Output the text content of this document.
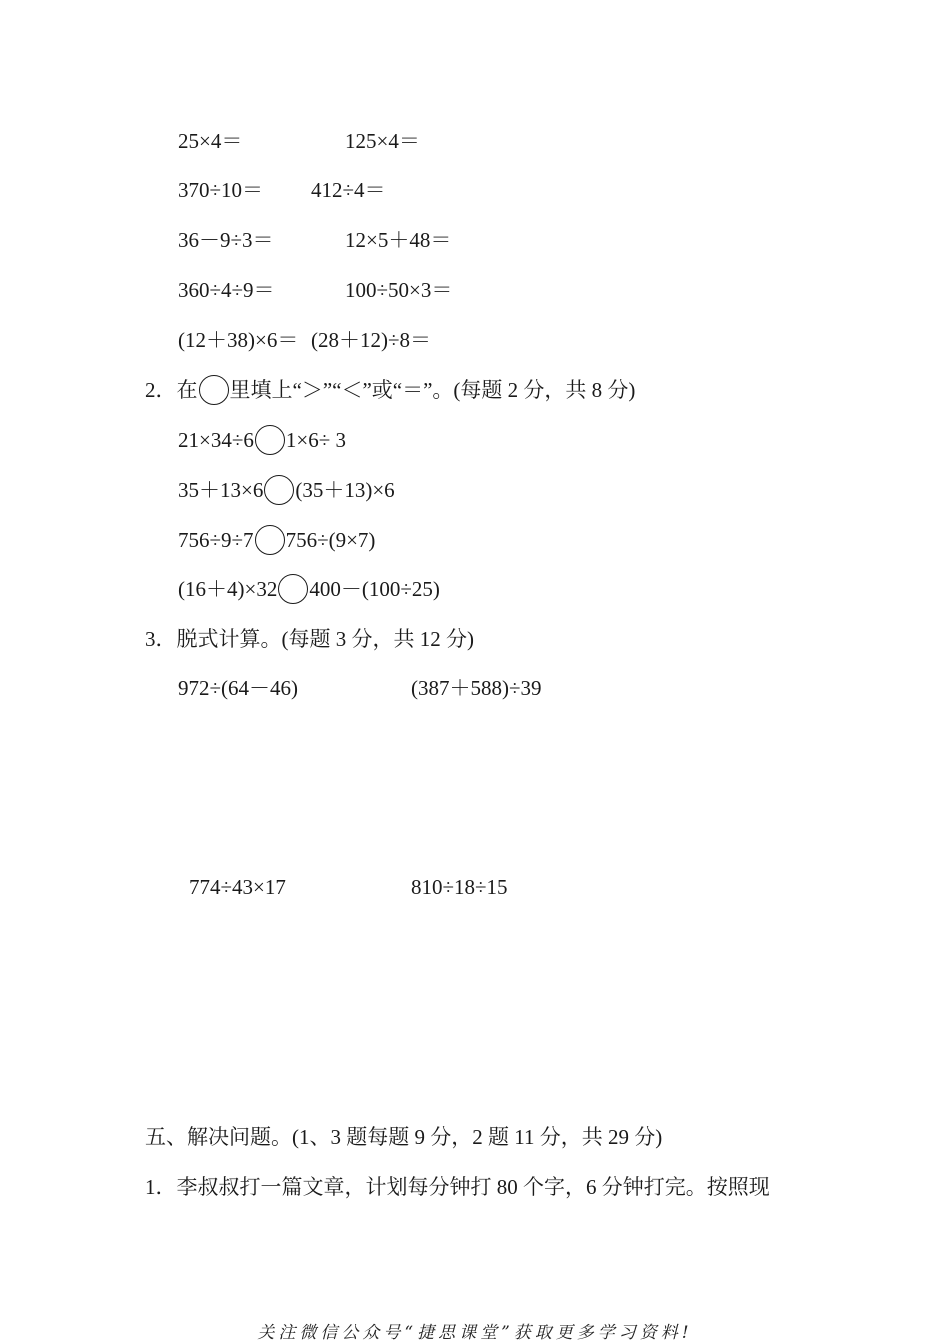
25×4＝	125×4＝
370÷10＝ 412÷4＝
36－9÷3＝	12×5＋48＝
360÷4÷9＝	100÷50×3＝
(12＋38)×6＝ (28＋12)÷8＝
2．在 里填上“＞”“＜”或“＝”。(每题 2 分，共 8 分)
21×34÷6 1×6÷ 3
35＋13×6 (35＋13)×6
756÷9÷7 756÷(9×7)
(16＋4)×32 400－(100÷25)
3．脱式计算。(每题 3 分，共 12 分)
972÷(64－46)	(387＋588)÷39
774÷43×17	810÷18÷15
五、解决问题。(1、3 题每题 9 分，2 题 11 分，共 29 分)
1．李叔叔打一篇文章，计划每分钟打 80 个字，6 分钟打完。按照现
关注微信公众号“捷思课堂”获取更多学习资料!
